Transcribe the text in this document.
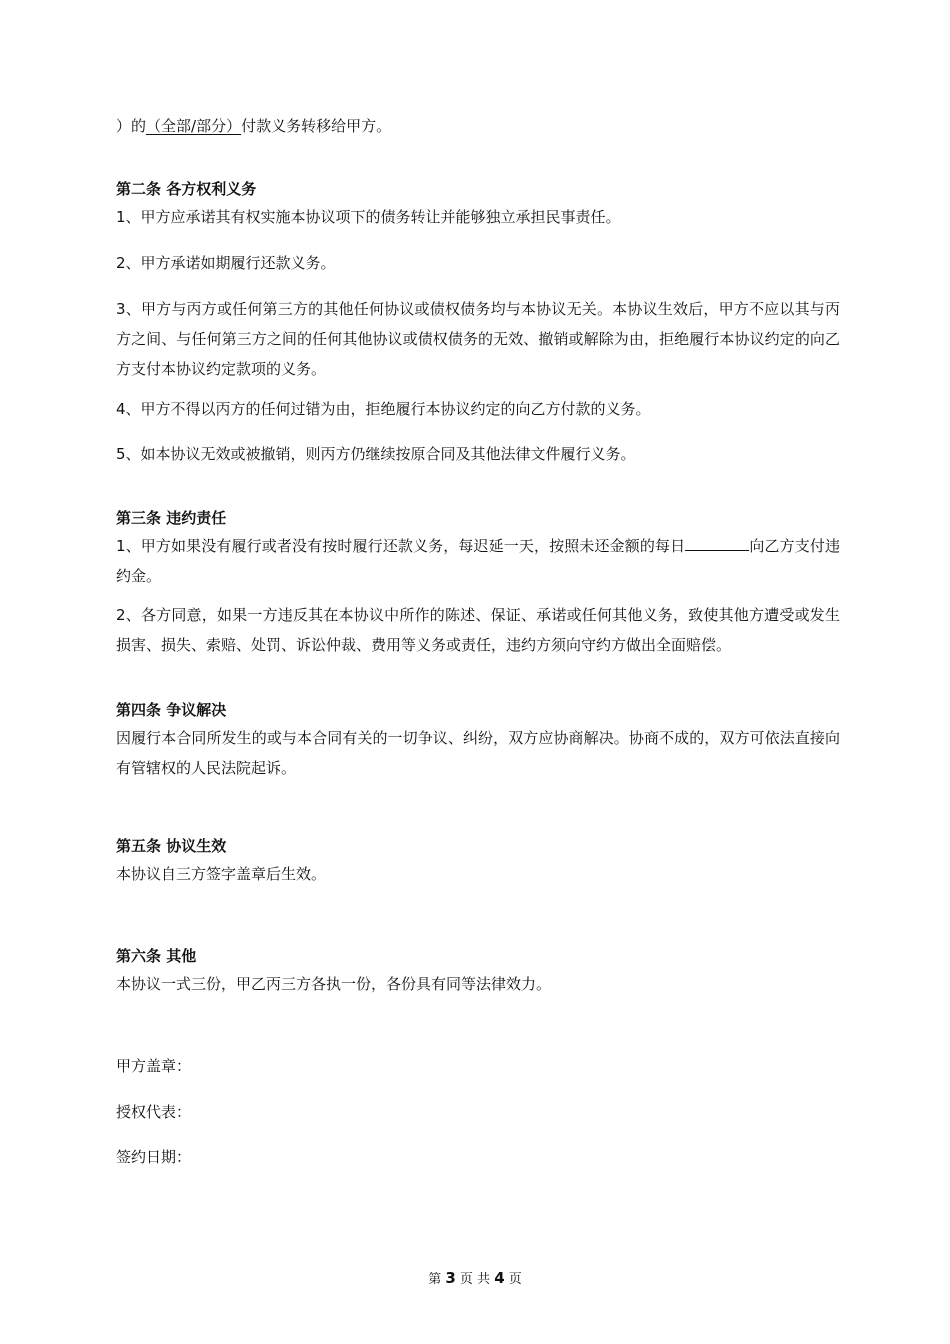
）的（全部/部分）付款义务转移给甲方。

第二条 各方权利义务

1、甲方应承诺其有权实施本协议项下的债务转让并能够独立承担民事责任。

2、甲方承诺如期履行还款义务。

3、甲方与丙方或任何第三方的其他任何协议或债权债务均与本协议无关。本协议生效后，甲方不应以其与丙方之间、与任何第三方之间的任何其他协议或债权债务的无效、撤销或解除为由，拒绝履行本协议约定的向乙方支付本协议约定款项的义务。

4、甲方不得以丙方的任何过错为由，拒绝履行本协议约定的向乙方付款的义务。

5、如本协议无效或被撤销，则丙方仍继续按原合同及其他法律文件履行义务。

第三条 违约责任

1、甲方如果没有履行或者没有按时履行还款义务，每迟延一天，按照未还金额的每日	向乙方支付违约金。

2、各方同意，如果一方违反其在本协议中所作的陈述、保证、承诺或任何其他义务，致使其他方遭受或发生损害、损失、索赔、处罚、诉讼仲裁、费用等义务或责任，违约方须向守约方做出全面赔偿。

第四条 争议解决

因履行本合同所发生的或与本合同有关的一切争议、纠纷，双方应协商解决。协商不成的，双方可依法直接向有管辖权的人民法院起诉。

第五条 协议生效

本协议自三方签字盖章后生效。

第六条 其他

本协议一式三份，甲乙丙三方各执一份，各份具有同等法律效力。

甲方盖章：

授权代表：

签约日期：

第 3 页 共 4 页
